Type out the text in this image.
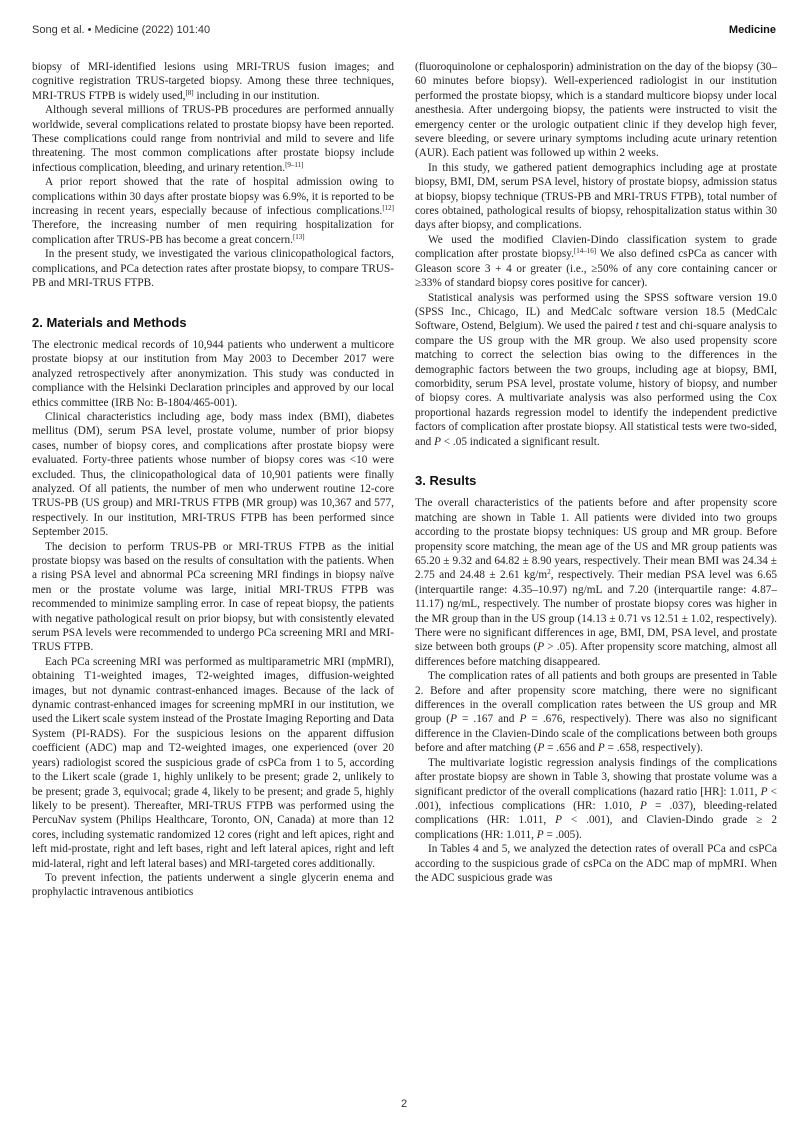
Song et al. • Medicine (2022) 101:40	Medicine

biopsy of MRI-identified lesions using MRI-TRUS fusion images; and cognitive registration TRUS-targeted biopsy. Among these three techniques, MRI-TRUS FTPB is widely used,[8] including in our institution.

Although several millions of TRUS-PB procedures are performed annually worldwide, several complications related to prostate biopsy have been reported. These complications could range from nontrivial and mild to severe and life threatening. The most common complications after prostate biopsy include infectious complication, bleeding, and urinary retention.[9–11]

A prior report showed that the rate of hospital admission owing to complications within 30 days after prostate biopsy was 6.9%, it is reported to be increasing in recent years, especially because of infectious complications.[12] Therefore, the increasing number of men requiring hospitalization for complication after TRUS-PB has become a great concern.[13]

In the present study, we investigated the various clinicopathological factors, complications, and PCa detection rates after prostate biopsy, to compare TRUS-PB and MRI-TRUS FTPB.

2. Materials and Methods

The electronic medical records of 10,944 patients who underwent a multicore prostate biopsy at our institution from May 2003 to December 2017 were analyzed retrospectively after anonymization. This study was conducted in compliance with the Helsinki Declaration principles and approved by our local ethics committee (IRB No: B-1804/465-001).

Clinical characteristics including age, body mass index (BMI), diabetes mellitus (DM), serum PSA level, prostate volume, number of prior biopsy cases, number of biopsy cores, and complications after prostate biopsy were evaluated. Forty-three patients whose number of biopsy cores was <10 were excluded. Thus, the clinicopathological data of 10,901 patients were finally analyzed. Of all patients, the number of men who underwent routine 12-core TRUS-PB (US group) and MRI-TRUS FTPB (MR group) was 10,367 and 577, respectively. In our institution, MRI-TRUS FTPB has been performed since September 2015.

The decision to perform TRUS-PB or MRI-TRUS FTPB as the initial prostate biopsy was based on the results of consultation with the patients. When a rising PSA level and abnormal PCa screening MRI findings in biopsy naïve men or the prostate volume was large, initial MRI-TRUS FTPB was recommended to minimize sampling error. In case of repeat biopsy, the patients with negative pathological result on prior biopsy, but with consistently elevated serum PSA levels were recommended to undergo PCa screening MRI and MRI-TRUS FTPB.

Each PCa screening MRI was performed as multiparametric MRI (mpMRI), obtaining T1-weighted images, T2-weighted images, diffusion-weighted images, but not dynamic contrast-enhanced images. Because of the lack of dynamic contrast-enhanced images for screening mpMRI in our institution, we used the Likert scale system instead of the Prostate Imaging Reporting and Data System (PI-RADS). For the suspicious lesions on the apparent diffusion coefficient (ADC) map and T2-weighted images, one experienced (over 20 years) radiologist scored the suspicious grade of csPCa from 1 to 5, according to the Likert scale (grade 1, highly unlikely to be present; grade 2, unlikely to be present; grade 3, equivocal; grade 4, likely to be present; and grade 5, highly likely to be present). Thereafter, MRI-TRUS FTPB was performed using the PercuNav system (Philips Healthcare, Toronto, ON, Canada) at more than 12 cores, including systematic randomized 12 cores (right and left apices, right and left mid-prostate, right and left bases, right and left lateral apices, right and left mid-lateral, right and left lateral bases) and MRI-targeted cores additionally.

To prevent infection, the patients underwent a single glycerin enema and prophylactic intravenous antibiotics

(fluoroquinolone or cephalosporin) administration on the day of the biopsy (30–60 minutes before biopsy). Well-experienced radiologist in our institution performed the prostate biopsy, which is a standard multicore biopsy under local anesthesia. After undergoing biopsy, the patients were instructed to visit the emergency center or the urologic outpatient clinic if they develop high fever, severe bleeding, or severe urinary symptoms including acute urinary retention (AUR). Each patient was followed up within 2 weeks.

In this study, we gathered patient demographics including age at prostate biopsy, BMI, DM, serum PSA level, history of prostate biopsy, admission status at biopsy, biopsy technique (TRUS-PB and MRI-TRUS FTPB), total number of cores obtained, pathological results of biopsy, rehospitalization status within 30 days after biopsy, and complications.

We used the modified Clavien-Dindo classification system to grade complication after prostate biopsy.[14–16] We also defined csPCa as cancer with Gleason score 3 + 4 or greater (i.e., ≥50% of any core containing cancer or ≥33% of standard biopsy cores positive for cancer).

Statistical analysis was performed using the SPSS software version 19.0 (SPSS Inc., Chicago, IL) and MedCalc software version 18.5 (MedCalc Software, Ostend, Belgium). We used the paired t test and chi-square analysis to compare the US group with the MR group. We also used propensity score matching to correct the selection bias owing to the differences in the demographic factors between the two groups, including age at biopsy, BMI, comorbidity, serum PSA level, prostate volume, history of biopsy, and number of biopsy cores. A multivariate analysis was also performed using the Cox proportional hazards regression model to identify the independent predictive factors of complication after prostate biopsy. All statistical tests were two-sided, and P < .05 indicated a significant result.

3. Results

The overall characteristics of the patients before and after propensity score matching are shown in Table 1. All patients were divided into two groups according to the prostate biopsy techniques: US group and MR group. Before propensity score matching, the mean age of the US and MR group patients was 65.20 ± 9.32 and 64.82 ± 8.90 years, respectively. Their mean BMI was 24.34 ± 2.75 and 24.48 ± 2.61 $kg/m^2$, respectively. Their median PSA level was 6.65 (interquartile range: 4.35–10.97) ng/mL and 7.20 (interquartile range: 4.87–11.17) ng/mL, respectively. The number of prostate biopsy cores was higher in the MR group than in the US group (14.13 ± 0.71 vs 12.51 ± 1.02, respectively). There were no significant differences in age, BMI, DM, PSA level, and prostate size between both groups (P > .05). After propensity score matching, almost all differences before matching disappeared.

The complication rates of all patients and both groups are presented in Table 2. Before and after propensity score matching, there were no significant differences in the overall complication rates between the US group and MR group (P = .167 and P = .676, respectively). There was also no significant difference in the Clavien-Dindo scale of the complications between both groups before and after matching (P = .656 and P = .658, respectively).

The multivariate logistic regression analysis findings of the complications after prostate biopsy are shown in Table 3, showing that prostate volume was a significant predictor of the overall complications (hazard ratio [HR]: 1.011, P < .001), infectious complications (HR: 1.010, P = .037), bleeding-related complications (HR: 1.011, P < .001), and Clavien-Dindo grade ≥ 2 complications (HR: 1.011, P = .005).

In Tables 4 and 5, we analyzed the detection rates of overall PCa and csPCa according to the suspicious grade of csPCa on the ADC map of mpMRI. When the ADC suspicious grade was

2
